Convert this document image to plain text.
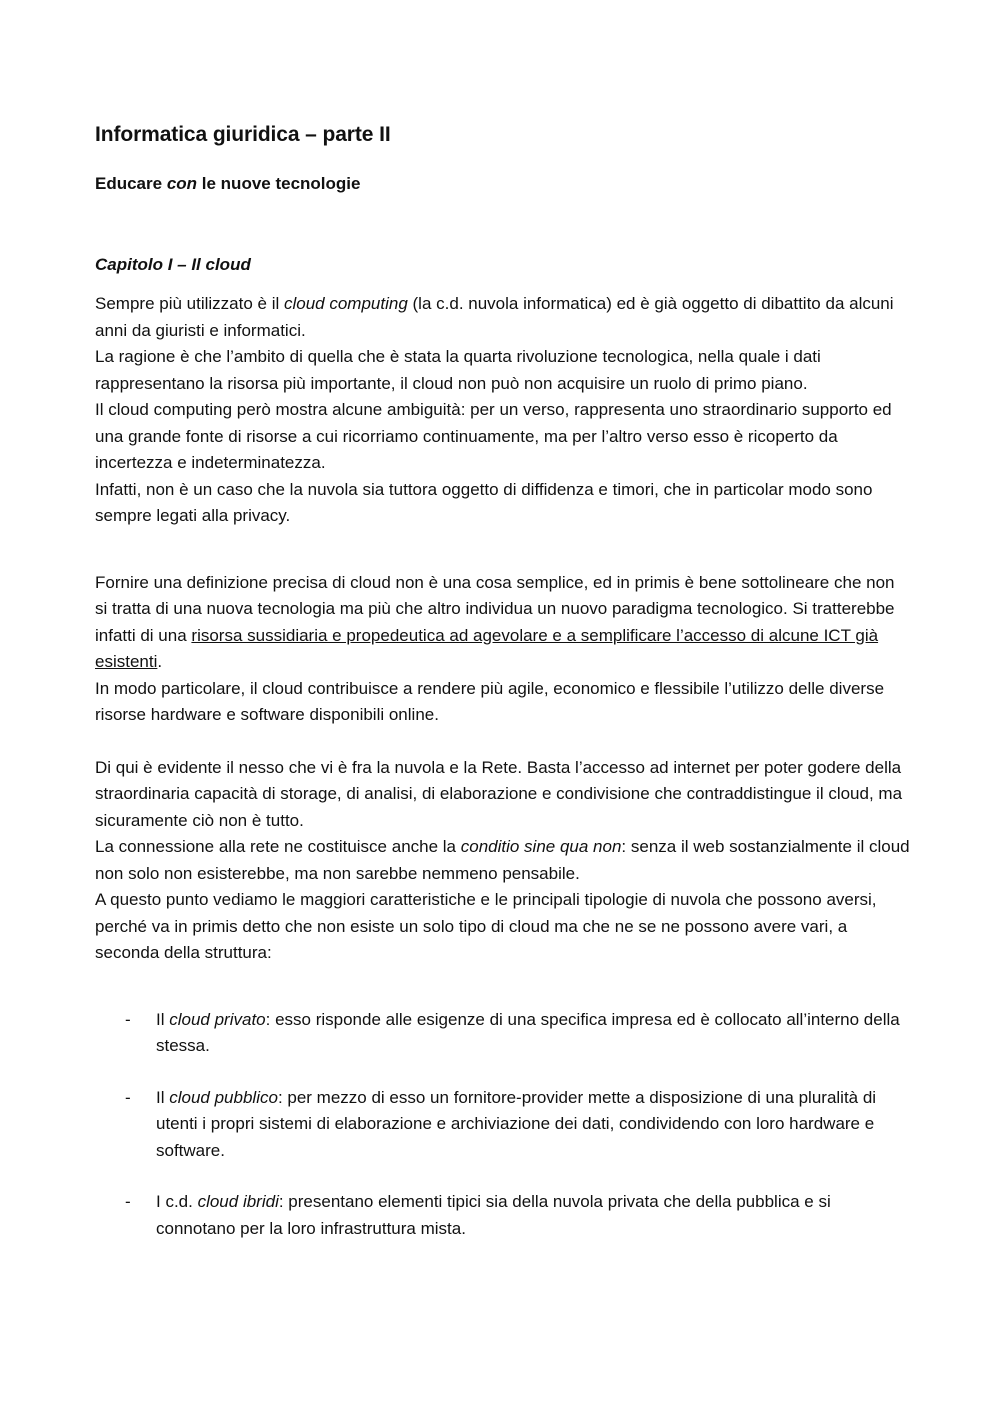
Informatica giuridica – parte II
Educare con le nuove tecnologie
Capitolo I – Il cloud

Sempre più utilizzato è il cloud computing (la c.d. nuvola informatica) ed è già oggetto di dibattito da alcuni anni da giuristi e informatici.

La ragione è che l’ambito di quella che è stata la quarta rivoluzione tecnologica, nella quale i dati rappresentano la risorsa più importante, il cloud non può non acquisire un ruolo di primo piano.

Il cloud computing però mostra alcune ambiguità: per un verso, rappresenta uno straordinario supporto ed una grande fonte di risorse a cui ricorriamo continuamente, ma per l’altro verso esso è ricoperto da incertezza e indeterminatezza.

Infatti, non è un caso che la nuvola sia tuttora oggetto di diffidenza e timori, che in particolar modo sono sempre legati alla privacy.

Fornire una definizione precisa di cloud non è una cosa semplice, ed in primis è bene sottolineare che non si tratta di una nuova tecnologia ma più che altro individua un nuovo paradigma tecnologico. Si tratterebbe infatti di una risorsa sussidiaria e propedeutica ad agevolare e a semplificare l’accesso di alcune ICT già esistenti.

In modo particolare, il cloud contribuisce a rendere più agile, economico e flessibile l’utilizzo delle diverse risorse hardware e software disponibili online.

Di qui è evidente il nesso che vi è fra la nuvola e la Rete. Basta l’accesso ad internet per poter godere della straordinaria capacità di storage, di analisi, di elaborazione e condivisione che contraddistingue il cloud, ma sicuramente ciò non è tutto.

La connessione alla rete ne costituisce anche la conditio sine qua non: senza il web sostanzialmente il cloud non solo non esisterebbe, ma non sarebbe nemmeno pensabile.

A questo punto vediamo le maggiori caratteristiche e le principali tipologie di nuvola che possono aversi, perché va in primis detto che non esiste un solo tipo di cloud ma che ne se ne possono avere vari, a seconda della struttura:

- Il cloud privato: esso risponde alle esigenze di una specifica impresa ed è collocato all’interno della stessa.
- Il cloud pubblico: per mezzo di esso un fornitore-provider mette a disposizione di una pluralità di utenti i propri sistemi di elaborazione e archiviazione dei dati, condividendo con loro hardware e software.
- I c.d. cloud ibridi: presentano elementi tipici sia della nuvola privata che della pubblica e si connotano per la loro infrastruttura mista.
